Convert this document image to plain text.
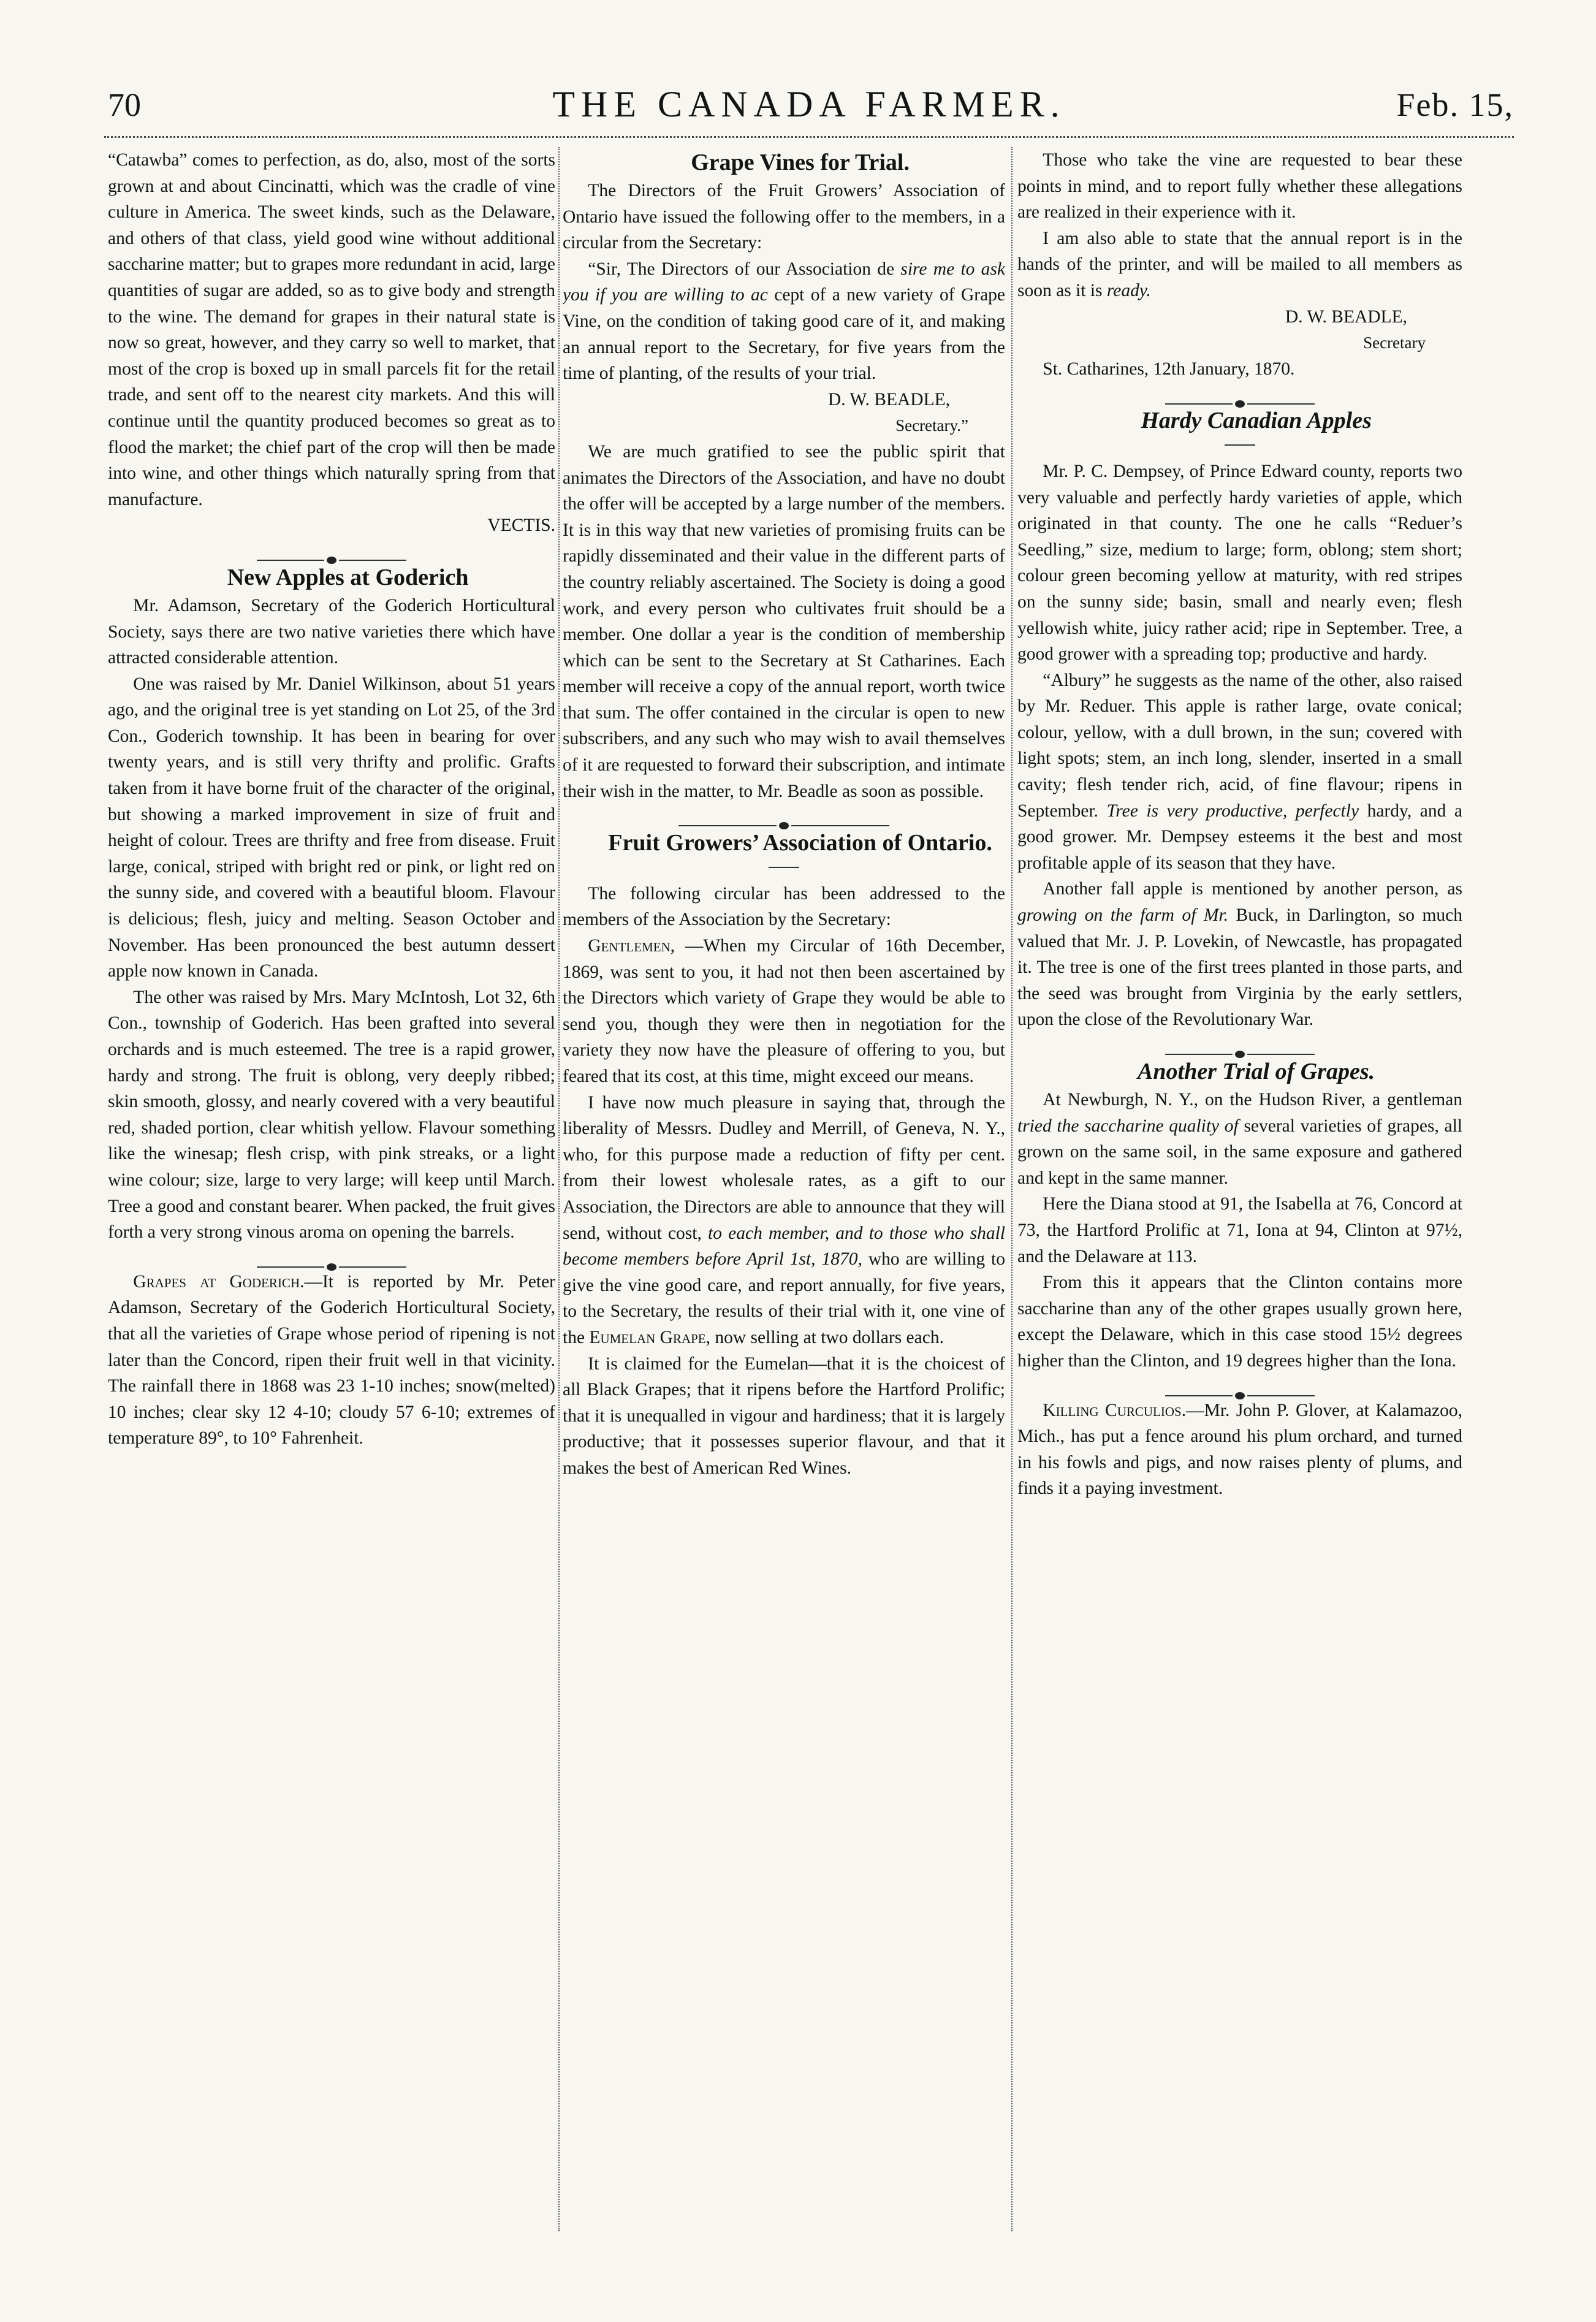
70	THE CANADA FARMER.	Feb. 15,

“Catawba” comes to perfection, as do, also, most of the sorts grown at and about Cincinatti, which was the cradle of vine culture in America. The sweet kinds, such as the Delaware, and others of that class, yield good wine without additional saccharine matter; but to grapes more redundant in acid, large quantities of sugar are added, so as to give body and strength to the wine. The demand for grapes in their natural state is now so great, however, and they carry so well to market, that most of the crop is boxed up in small parcels fit for the retail trade, and sent off to the nearest city markets. And this will continue until the quantity produced becomes so great as to flood the market; the chief part of the crop will then be made into wine, and other things which naturally spring from that manufacture.

VECTIS.

New Apples at Goderich

Mr. Adamson, Secretary of the Goderich Horticultural Society, says there are two native varieties there which have attracted considerable attention.

One was raised by Mr. Daniel Wilkinson, about 51 years ago, and the original tree is yet standing on Lot 25, of the 3rd Con., Goderich township. It has been in bearing for over twenty years, and is still very thrifty and prolific. Grafts taken from it have borne fruit of the character of the original, but showing a marked improvement in size of fruit and height of colour. Trees are thrifty and free from disease. Fruit large, conical, striped with bright red or pink, or light red on the sunny side, and covered with a beautiful bloom. Flavour is delicious; flesh, juicy and melting. Season October and November. Has been pronounced the best autumn dessert apple now known in Canada.

The other was raised by Mrs. Mary McIntosh, Lot 32, 6th Con., township of Goderich. Has been grafted into several orchards and is much esteemed. The tree is a rapid grower, hardy and strong. The fruit is oblong, very deeply ribbed; skin smooth, glossy, and nearly covered with a very beautiful red, shaded portion, clear whitish yellow. Flavour something like the winesap; flesh crisp, with pink streaks, or a light wine colour; size, large to very large; will keep until March. Tree a good and constant bearer. When packed, the fruit gives forth a very strong vinous aroma on opening the barrels.

Grapes at Goderich.—It is reported by Mr. Peter Adamson, Secretary of the Goderich Horticultural Society, that all the varieties of Grape whose period of ripening is not later than the Concord, ripen their fruit well in that vicinity. The rainfall there in 1868 was 23 1-10 inches; snow(melted) 10 inches; clear sky 12 4-10; cloudy 57 6-10; extremes of temperature 89°, to 10° Fahrenheit.

Grape Vines for Trial.

The Directors of the Fruit Growers’ Association of Ontario have issued the following offer to the members, in a circular from the Secretary:

“Sir, The Directors of our Association de sire me to ask you if you are willing to ac cept of a new variety of Grape Vine, on the condition of taking good care of it, and making an annual report to the Secretary, for five years from the time of planting, of the results of your trial.

D. W. BEADLE,

Secretary.”

We are much gratified to see the public spirit that animates the Directors of the Association, and have no doubt the offer will be accepted by a large number of the members. It is in this way that new varieties of promising fruits can be rapidly disseminated and their value in the different parts of the country reliably ascertained. The Society is doing a good work, and every person who cultivates fruit should be a member. One dollar a year is the condition of membership which can be sent to the Secretary at St Catharines. Each member will receive a copy of the annual report, worth twice that sum. The offer contained in the circular is open to new subscribers, and any such who may wish to avail themselves of it are requested to forward their subscription, and intimate their wish in the matter, to Mr. Beadle as soon as possible.

Fruit Growers’ Association of Ontario.

The following circular has been addressed to the members of the Association by the Secretary:

Gentlemen, —When my Circular of 16th December, 1869, was sent to you, it had not then been ascertained by the Directors which variety of Grape they would be able to send you, though they were then in negotiation for the variety they now have the pleasure of offering to you, but feared that its cost, at this time, might exceed our means.

I have now much pleasure in saying that, through the liberality of Messrs. Dudley and Merrill, of Geneva, N. Y., who, for this purpose made a reduction of fifty per cent. from their lowest wholesale rates, as a gift to our Association, the Directors are able to announce that they will send, without cost, to each member, and to those who shall become members before April 1st, 1870, who are willing to give the vine good care, and report annually, for five years, to the Secretary, the results of their trial with it, one vine of the Eumelan Grape, now selling at two dollars each.

It is claimed for the Eumelan—that it is the choicest of all Black Grapes; that it ripens before the Hartford Prolific; that it is unequalled in vigour and hardiness; that it is largely productive; that it possesses superior flavour, and that it makes the best of American Red Wines.

Those who take the vine are requested to bear these points in mind, and to report fully whether these allegations are realized in their experience with it.

I am also able to state that the annual report is in the hands of the printer, and will be mailed to all members as soon as it is ready.

D. W. BEADLE,

Secretary

St. Catharines, 12th January, 1870.

Hardy Canadian Apples

Mr. P. C. Dempsey, of Prince Edward county, reports two very valuable and perfectly hardy varieties of apple, which originated in that county. The one he calls “Reduer’s Seedling,” size, medium to large; form, oblong; stem short; colour green becoming yellow at maturity, with red stripes on the sunny side; basin, small and nearly even; flesh yellowish white, juicy rather acid; ripe in September. Tree, a good grower with a spreading top; productive and hardy.

“Albury” he suggests as the name of the other, also raised by Mr. Reduer. This apple is rather large, ovate conical; colour, yellow, with a dull brown, in the sun; covered with light spots; stem, an inch long, slender, inserted in a small cavity; flesh tender rich, acid, of fine flavour; ripens in September. Tree is very productive, perfectly hardy, and a good grower. Mr. Dempsey esteems it the best and most profitable apple of its season that they have.

Another fall apple is mentioned by another person, as growing on the farm of Mr. Buck, in Darlington, so much valued that Mr. J. P. Lovekin, of Newcastle, has propagated it. The tree is one of the first trees planted in those parts, and the seed was brought from Virginia by the early settlers, upon the close of the Revolutionary War.

Another Trial of Grapes.

At Newburgh, N. Y., on the Hudson River, a gentleman tried the saccharine quality of several varieties of grapes, all grown on the same soil, in the same exposure and gathered and kept in the same manner.

Here the Diana stood at 91, the Isabella at 76, Concord at 73, the Hartford Prolific at 71, Iona at 94, Clinton at 97½, and the Delaware at 113.

From this it appears that the Clinton contains more saccharine than any of the other grapes usually grown here, except the Delaware, which in this case stood 15½ degrees higher than the Clinton, and 19 degrees higher than the Iona.

Killing Curculios.—Mr. John P. Glover, at Kalamazoo, Mich., has put a fence around his plum orchard, and turned in his fowls and pigs, and now raises plenty of plums, and finds it a paying investment.
